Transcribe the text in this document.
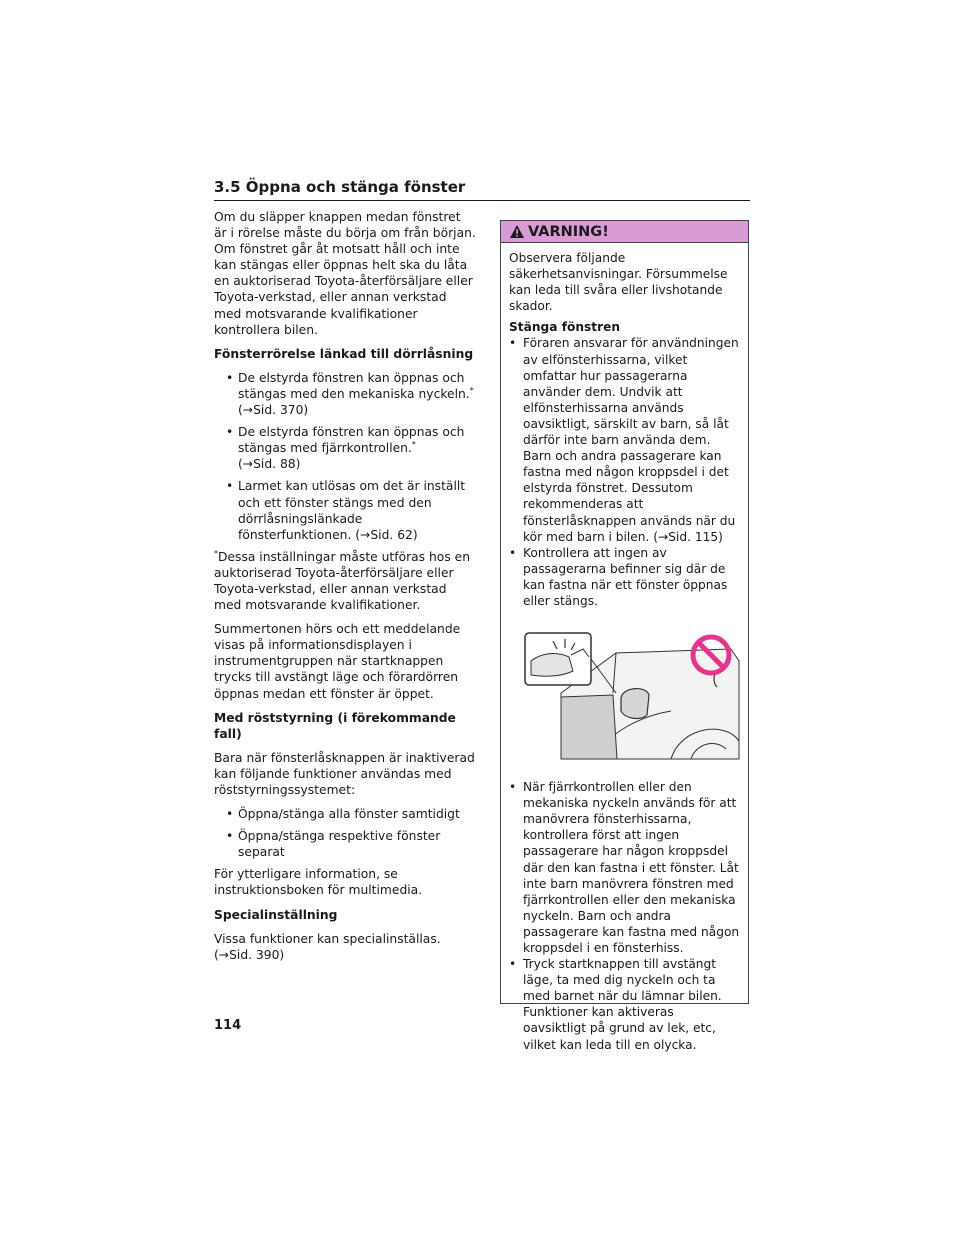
3.5 Öppna och stänga fönster

Om du släpper knappen medan fönstret är i rörelse måste du börja om från början. Om fönstret går åt motsatt håll och inte kan stängas eller öppnas helt ska du låta en auktoriserad Toyota-återförsäljare eller Toyota-verkstad, eller annan verkstad med motsvarande kvalifikationer kontrollera bilen.

Fönsterrörelse länkad till dörrlåsning

• De elstyrda fönstren kan öppnas och stängas med den mekaniska nyckeln.*
(→Sid. 370)
• De elstyrda fönstren kan öppnas och stängas med fjärrkontrollen.*
(→Sid. 88)
• Larmet kan utlösas om det är inställt och ett fönster stängs med den dörrlåsningslänkade fönsterfunktionen. (→Sid. 62)

*Dessa inställningar måste utföras hos en auktoriserad Toyota-återförsäljare eller Toyota-verkstad, eller annan verkstad med motsvarande kvalifikationer.

Summertonen hörs och ett meddelande visas på informationsdisplayen i instrumentgruppen när startknappen trycks till avstängt läge och förardörren öppnas medan ett fönster är öppet.

Med röststyrning (i förekommande fall)

Bara när fönsterlåsknappen är inaktiverad kan följande funktioner användas med röststyrningssystemet:

• Öppna/stänga alla fönster samtidigt
• Öppna/stänga respektive fönster separat

För ytterligare information, se instruktionsboken för multimedia.

Specialinställning

Vissa funktioner kan specialinställas. (→Sid. 390)

VARNING!

Observera följande säkerhetsanvisningar. Försummelse kan leda till svåra eller livshotande skador.

Stänga fönstren

• Föraren ansvarar för användningen av elfönsterhissarna, vilket omfattar hur passagerarna använder dem. Undvik att elfönsterhissarna används oavsiktligt, särskilt av barn, så låt därför inte barn använda dem. Barn och andra passagerare kan fastna med någon kroppsdel i det elstyrda fönstret. Dessutom rekommenderas att fönsterlåsknappen används när du kör med barn i bilen. (→Sid. 115)
• Kontrollera att ingen av passagerarna befinner sig där de kan fastna när ett fönster öppnas eller stängs.
• När fjärrkontrollen eller den mekaniska nyckeln används för att manövrera fönsterhissarna, kontrollera först att ingen passagerare har någon kroppsdel där den kan fastna i ett fönster. Låt inte barn manövrera fönstren med fjärrkontrollen eller den mekaniska nyckeln. Barn och andra passagerare kan fastna med någon kroppsdel i en fönsterhiss.
• Tryck startknappen till avstängt läge, ta med dig nyckeln och ta med barnet när du lämnar bilen. Funktioner kan aktiveras oavsiktligt på grund av lek, etc, vilket kan leda till en olycka.
114
